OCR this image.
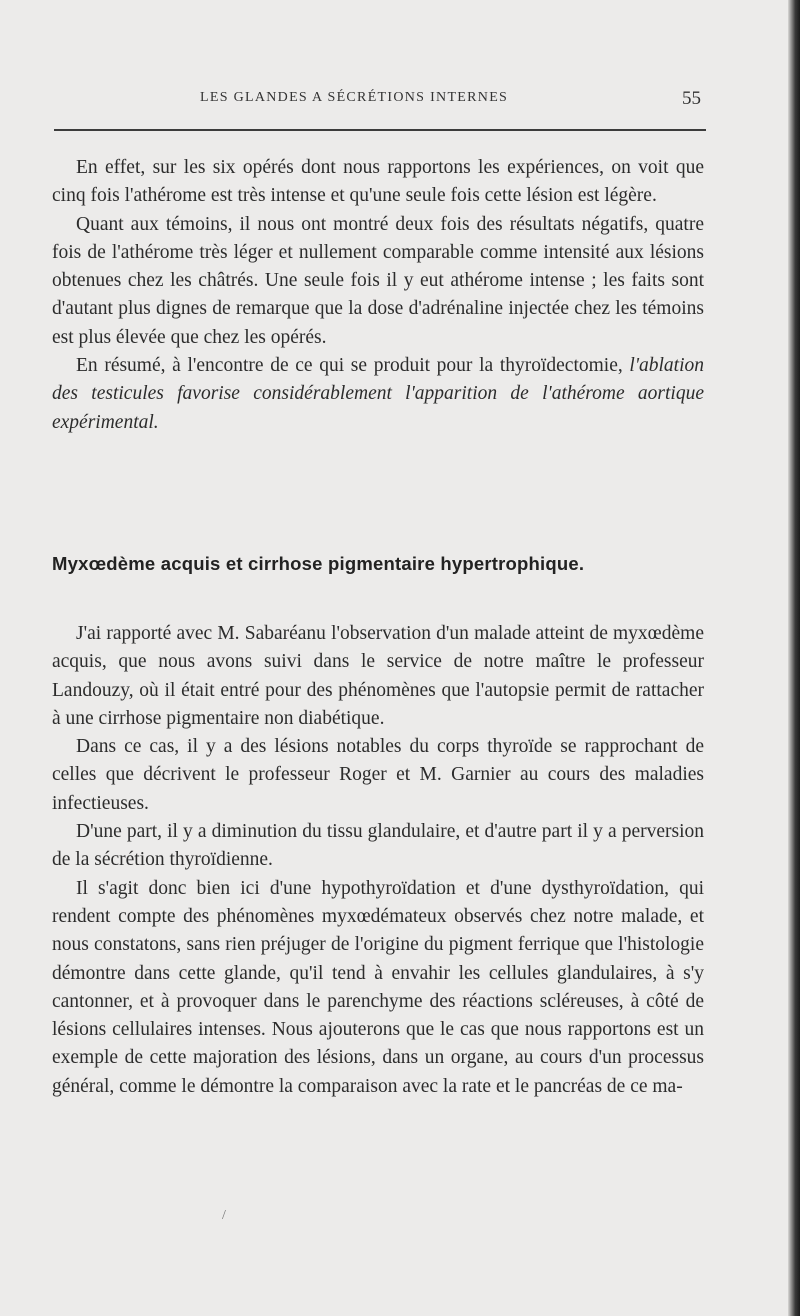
LES GLANDES A SÉCRÉTIONS INTERNES	55

En effet, sur les six opérés dont nous rapportons les expériences, on voit que cinq fois l'athérome est très intense et qu'une seule fois cette lésion est légère.

Quant aux témoins, il nous ont montré deux fois des résultats négatifs, quatre fois de l'athérome très léger et nullement comparable comme intensité aux lésions obtenues chez les châtrés. Une seule fois il y eut athérome intense ; les faits sont d'autant plus dignes de remarque que la dose d'adrénaline injectée chez les témoins est plus élevée que chez les opérés.

En résumé, à l'encontre de ce qui se produit pour la thyroïdectomie, l'ablation des testicules favorise considérablement l'apparition de l'athérome aortique expérimental.

Myxœdème acquis et cirrhose pigmentaire hypertrophique.

J'ai rapporté avec M. Sabaréanu l'observation d'un malade atteint de myxœdème acquis, que nous avons suivi dans le service de notre maître le professeur Landouzy, où il était entré pour des phénomènes que l'autopsie permit de rattacher à une cirrhose pigmentaire non diabétique.

Dans ce cas, il y a des lésions notables du corps thyroïde se rapprochant de celles que décrivent le professeur Roger et M. Garnier au cours des maladies infectieuses.

D'une part, il y a diminution du tissu glandulaire, et d'autre part il y a perversion de la sécrétion thyroïdienne.

Il s'agit donc bien ici d'une hypothyroïdation et d'une dysthyroïdation, qui rendent compte des phénomènes myxœdémateux observés chez notre malade, et nous constatons, sans rien préjuger de l'origine du pigment ferrique que l'histologie démontre dans cette glande, qu'il tend à envahir les cellules glandulaires, à s'y cantonner, et à provoquer dans le parenchyme des réactions scléreuses, à côté de lésions cellulaires intenses. Nous ajouterons que le cas que nous rapportons est un exemple de cette majoration des lésions, dans un organe, au cours d'un processus général, comme le démontre la comparaison avec la rate et le pancréas de ce ma-

/
